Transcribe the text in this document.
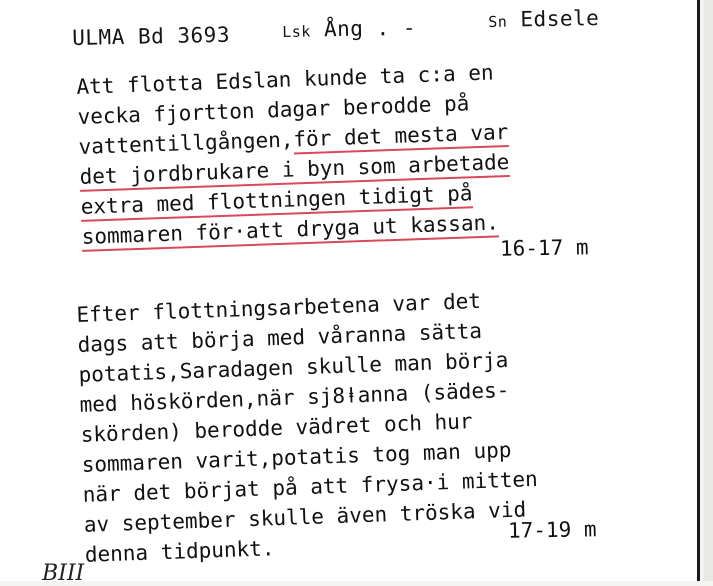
ULMA Bd 3693	Lsk Ång . -	Sn Edsele
Att flotta Edslan kunde ta c:a en
vecka fjortton dagar berodde på
vattentillgången,för det mesta var
det jordbrukare i byn som arbetade
extra med flottningen tidigt på
sommaren för·att dryga ut kassan. 16-17 m
Efter flottningsarbetena var det
dags att börja med våranna sätta
potatis,Saradagen skulle man börja
med höskörden,när sj8ⱡanna (sädes-
skörden) berodde vädret och hur
sommaren varit,potatis tog man upp
när det börjat på att frysa·i mitten
av september skulle även tröska vid
denna tidpunkt.
17-19 m
BIII
